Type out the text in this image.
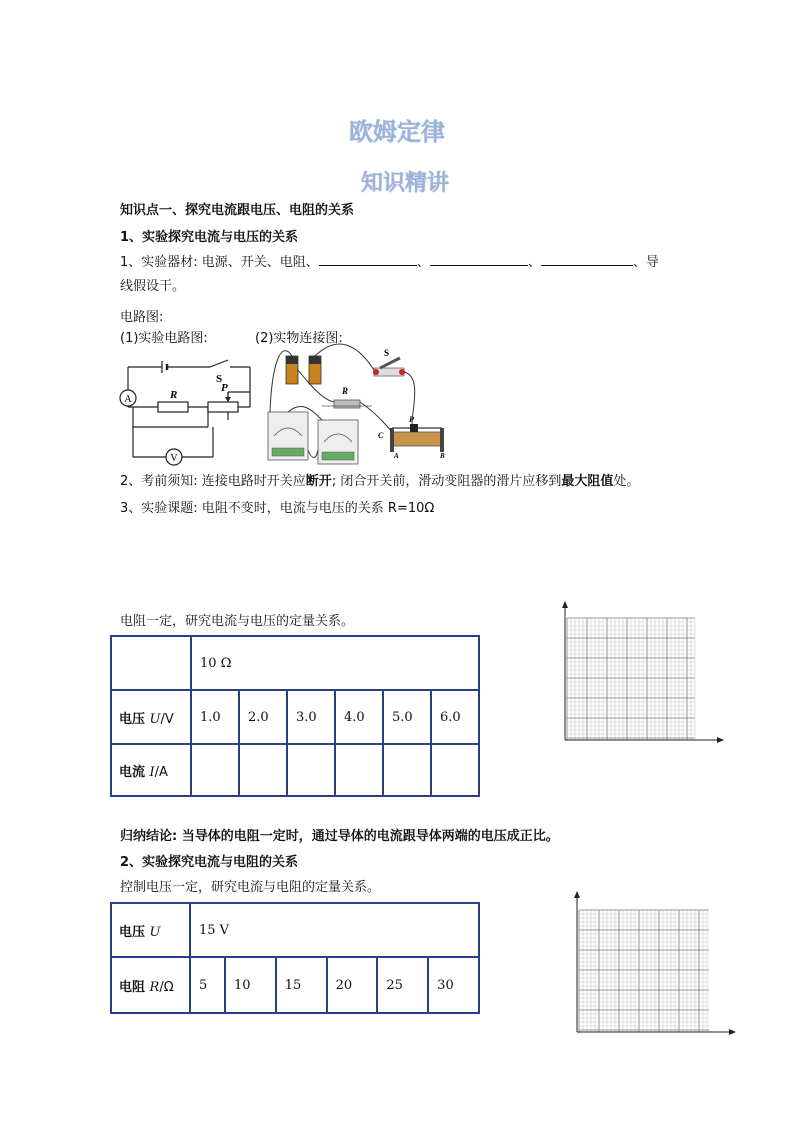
欧姆定律
知识精讲
知识点一、探究电流跟电压、电阻的关系
1、实验探究电流与电压的关系
1、实验器材: 电源、开关、电阻、	、	、	、导
线假设干。
电路图:
(1)实验电路图:	(2)实物连接图:
A
V
S
R
P
S
R
P
C
A	B
2、考前须知: 连接电路时开关应断开; 闭合开关前，滑动变阻器的滑片应移到最大阻值处。
3、实验课题: 电阻不变时，电流与电压的关系 R=10Ω
电阻一定，研究电流与电压的定量关系。
	10 Ω					
电压 U/V	1.0	2.0	3.0	4.0	5.0	6.0
电流 I/A						
归纳结论: 当导体的电阻一定时，通过导体的电流跟导体两端的电压成正比。
2、实验探究电流与电阻的关系
控制电压一定，研究电流与电阻的定量关系。
电压 U	15 V					
电阻 R/Ω	5	10	15	20	25	30
